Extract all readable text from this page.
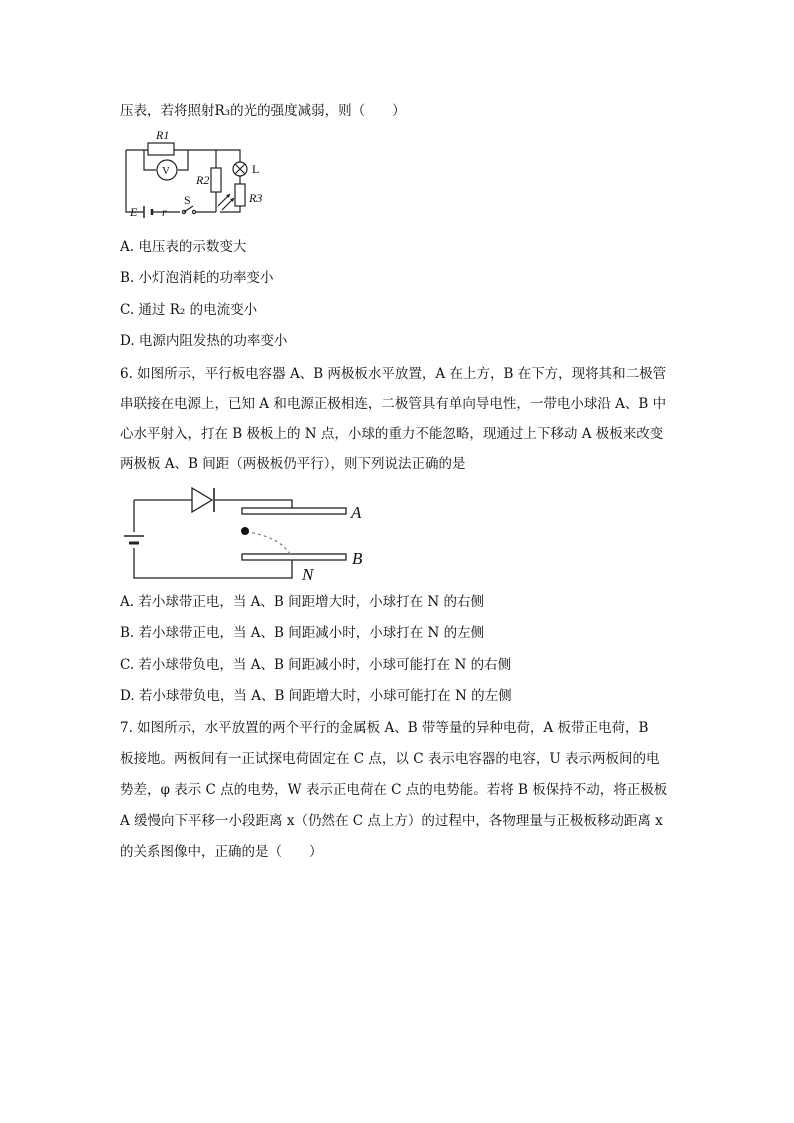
压表，若将照射R₃的光的强度减弱，则（　　）
R1
V
R2
L
R3
E r
S
A. 电压表的示数变大
B. 小灯泡消耗的功率变小
C. 通过 R₂ 的电流变小
D. 电源内阻发热的功率变小
6. 如图所示，平行板电容器 A、B 两极板水平放置，A 在上方，B 在下方，现将其和二极管
串联接在电源上，已知 A 和电源正极相连，二极管具有单向导电性，一带电小球沿 A、B 中
心水平射入，打在 B 极板上的 N 点，小球的重力不能忽略，现通过上下移动 A 极板来改变
两极板 A、B 间距（两极板仍平行），则下列说法正确的是
A
B
N
A. 若小球带正电，当 A、B 间距增大时，小球打在 N 的右侧
B. 若小球带正电，当 A、B 间距减小时，小球打在 N 的左侧
C. 若小球带负电，当 A、B 间距减小时，小球可能打在 N 的右侧
D. 若小球带负电，当 A、B 间距增大时，小球可能打在 N 的左侧
7. 如图所示，水平放置的两个平行的金属板 A、B 带等量的异种电荷，A 板带正电荷，B
板接地。两板间有一正试探电荷固定在 C 点，以 C 表示电容器的电容，U 表示两板间的电
势差，φ 表示 C 点的电势，W 表示正电荷在 C 点的电势能。若将 B 板保持不动，将正极板
A 缓慢向下平移一小段距离 x（仍然在 C 点上方）的过程中，各物理量与正极板移动距离 x
的关系图像中，正确的是（　　）
